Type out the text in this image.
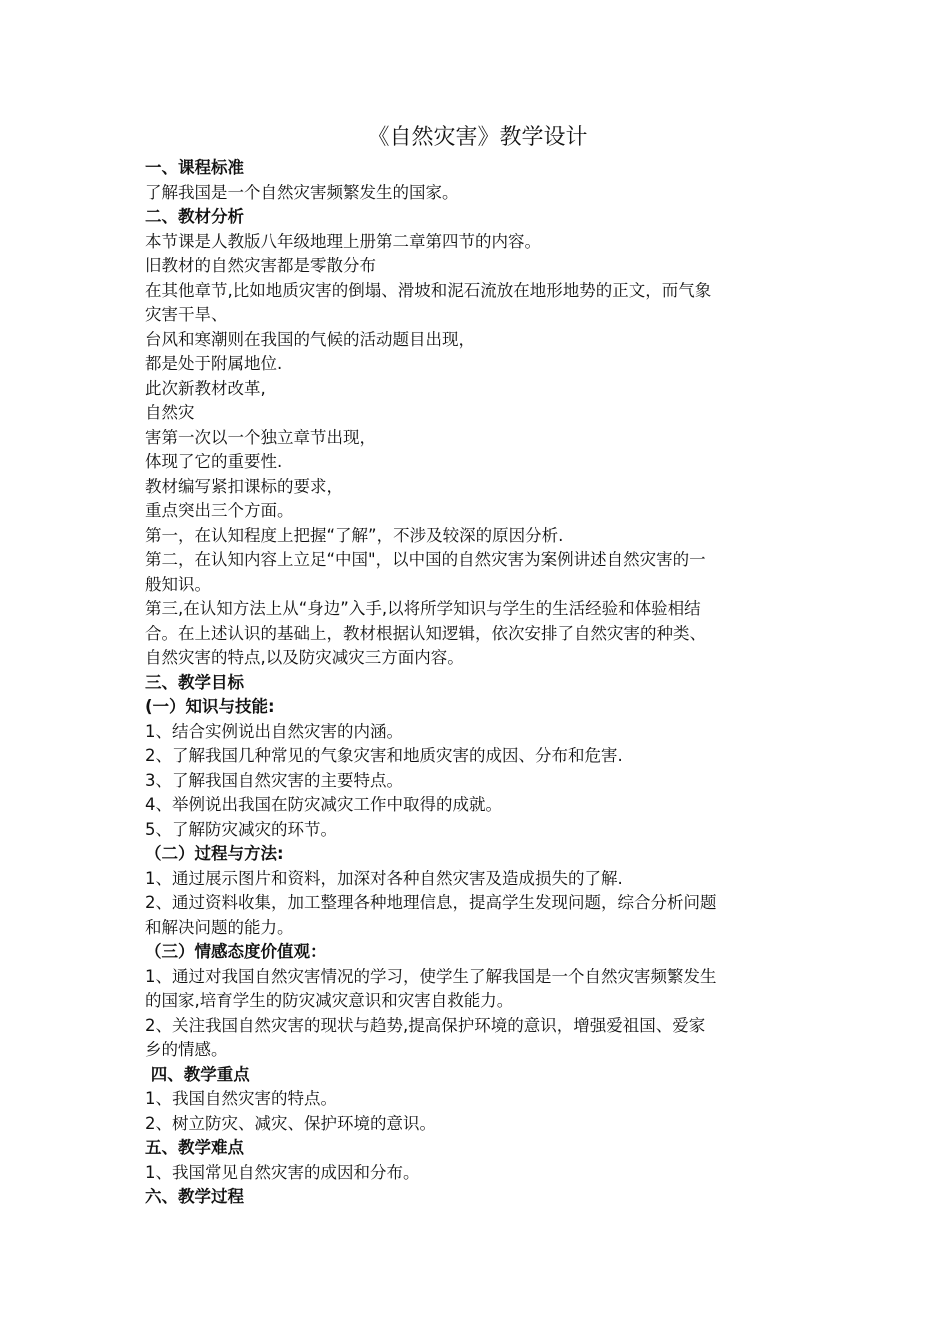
《自然灾害》教学设计

一、课程标准

了解我国是一个自然灾害频繁发生的国家。

二、教材分析

本节课是人教版八年级地理上册第二章第四节的内容。

旧教材的自然灾害都是零散分布

在其他章节,比如地质灾害的倒塌、滑坡和泥石流放在地形地势的正文，而气象

灾害干旱、

台风和寒潮则在我国的气候的活动题目出现，

都是处于附属地位.

此次新教材改革,

自然灾

害第一次以一个独立章节出现，

体现了它的重要性.

教材编写紧扣课标的要求，

重点突出三个方面。

第一，在认知程度上把握“了解”，不涉及较深的原因分析.

第二，在认知内容上立足“中国"，以中国的自然灾害为案例讲述自然灾害的一

般知识。

第三,在认知方法上从“身边”入手,以将所学知识与学生的生活经验和体验相结

合。在上述认识的基础上，教材根据认知逻辑，依次安排了自然灾害的种类、

自然灾害的特点,以及防灾减灾三方面内容。

三、教学目标

(一）知识与技能:

1、结合实例说出自然灾害的内涵。

2、了解我国几种常见的气象灾害和地质灾害的成因、分布和危害.

3、了解我国自然灾害的主要特点。

4、举例说出我国在防灾减灾工作中取得的成就。

5、了解防灾减灾的环节。

（二）过程与方法:

1、通过展示图片和资料，加深对各种自然灾害及造成损失的了解.

2、通过资料收集，加工整理各种地理信息，提高学生发现问题，综合分析问题

和解决问题的能力。

（三）情感态度价值观：

1、通过对我国自然灾害情况的学习，使学生了解我国是一个自然灾害频繁发生

的国家,培育学生的防灾减灾意识和灾害自救能力。

2、关注我国自然灾害的现状与趋势,提高保护环境的意识，增强爱祖国、爱家

乡的情感。

四、教学重点

1、我国自然灾害的特点。

2、树立防灾、减灾、保护环境的意识。

五、教学难点

1、我国常见自然灾害的成因和分布。

六、教学过程
